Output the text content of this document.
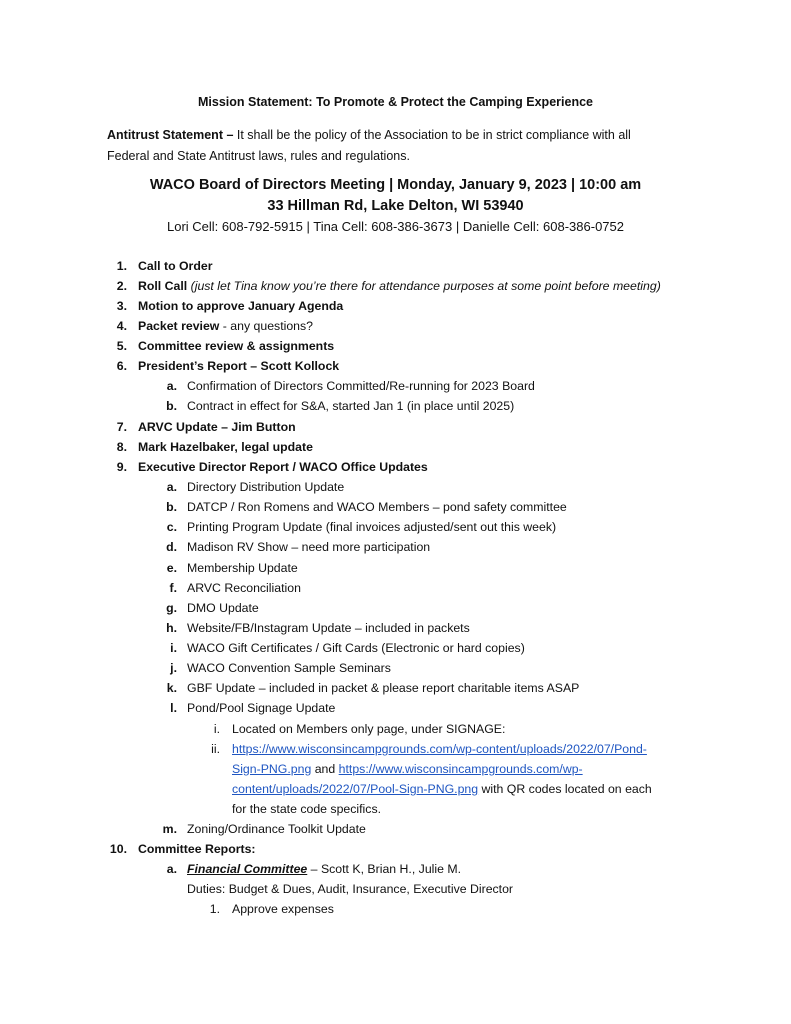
Mission Statement: To Promote & Protect the Camping Experience
Antitrust Statement – It shall be the policy of the Association to be in strict compliance with all
Federal and State Antitrust laws, rules and regulations.
WACO Board of Directors Meeting | Monday, January 9, 2023 | 10:00 am
33 Hillman Rd, Lake Delton, WI 53940
Lori Cell: 608-792-5915 | Tina Cell: 608-386-3673 | Danielle Cell: 608-386-0752
1. Call to Order
2. Roll Call (just let Tina know you’re there for attendance purposes at some point before meeting)
3. Motion to approve January Agenda
4. Packet review - any questions?
5. Committee review & assignments
6. President’s Report – Scott Kollock
a. Confirmation of Directors Committed/Re-running for 2023 Board
b. Contract in effect for S&A, started Jan 1 (in place until 2025)
7. ARVC Update – Jim Button
8. Mark Hazelbaker, legal update
9. Executive Director Report / WACO Office Updates
a. Directory Distribution Update
b. DATCP / Ron Romens and WACO Members – pond safety committee
c. Printing Program Update (final invoices adjusted/sent out this week)
d. Madison RV Show – need more participation
e. Membership Update
f. ARVC Reconciliation
g. DMO Update
h. Website/FB/Instagram Update – included in packets
i. WACO Gift Certificates / Gift Cards (Electronic or hard copies)
j. WACO Convention Sample Seminars
k. GBF Update – included in packet & please report charitable items ASAP
l. Pond/Pool Signage Update
i. Located on Members only page, under SIGNAGE:
ii. https://www.wisconsincampgrounds.com/wp-content/uploads/2022/07/Pond-
Sign-PNG.png and https://www.wisconsincampgrounds.com/wp-
content/uploads/2022/07/Pool-Sign-PNG.png with QR codes located on each
for the state code specifics.
m. Zoning/Ordinance Toolkit Update
10. Committee Reports:
a. Financial Committee – Scott K, Brian H., Julie M.
Duties: Budget & Dues, Audit, Insurance, Executive Director
1. Approve expenses
